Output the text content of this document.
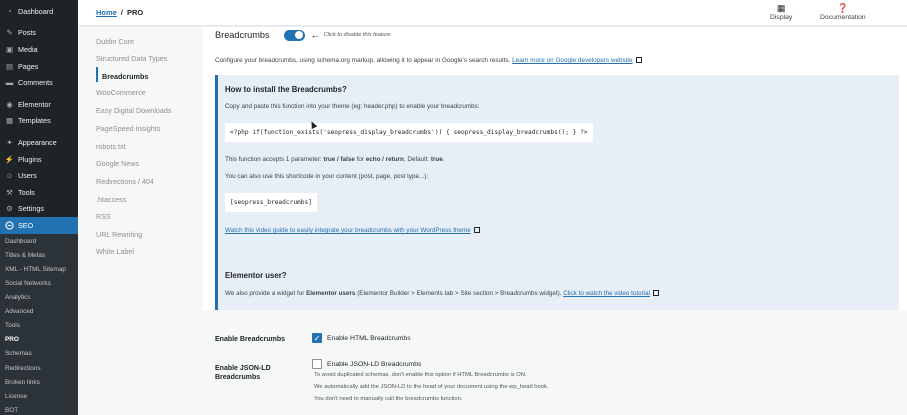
◔ Dashboard
✎ Posts
▣ Media
▤ Pages
▬ Comments
◉ Elementor
▦ Templates
✦ Appearance
⚡ Plugins
☺ Users
⚒ Tools
⚙ Settings
SEO
Dashboard
Titles & Metas
XML - HTML Sitemap
Social Networks
Analytics
Advanced
Tools
PRO
Schemas
Redirections
Broken links
License
BOT
Home / PRO	▦
Display
❓
Documentation
Dublin Core
Structured Data Types
Breadcrumbs
WooCommerce
Easy Digital Downloads
PageSpeed Insights
robots.txt
Google News
Redirections / 404
.htaccess
RSS
URL Rewriting
White Label
Breadcrumbs	← Click to disable this feature
Configure your breadcrumbs, using schema.org markup, allowing it to appear in Google's search results. Learn more on Google developers website
How to install the Breadcrumbs?
Copy and paste this function into your theme (eg: header.php) to enable your breadcrumbs:
<?php if(function_exists('seopress_display_breadcrumbs')) { seopress_display_breadcrumbs(); } ?>
This function accepts 1 parameter: true / false for echo / return. Default: true.
You can also use this shortcode in your content (post, page, post type...):
[seopress_breadcrumbs]
Watch this video guide to easily integrate your breadcrumbs with your WordPress theme
Elementor user?
We also provide a widget for Elementor users (Elementor Builder > Elements tab > Site section > Breadcrumbs widget). Click to watch the video tutorial
Enable Breadcrumbs	✓ Enable HTML Breadcrumbs
Enable JSON-LD Breadcrumbs
Enable JSON-LD Breadcrumbs
To avoid duplicated schemas, don't enable this option if HTML Breadcrumbs is ON.
We automatically add the JSON-LD to the head of your document using the wp_head hook.
You don't need to manually call the breadcrumbs function.
